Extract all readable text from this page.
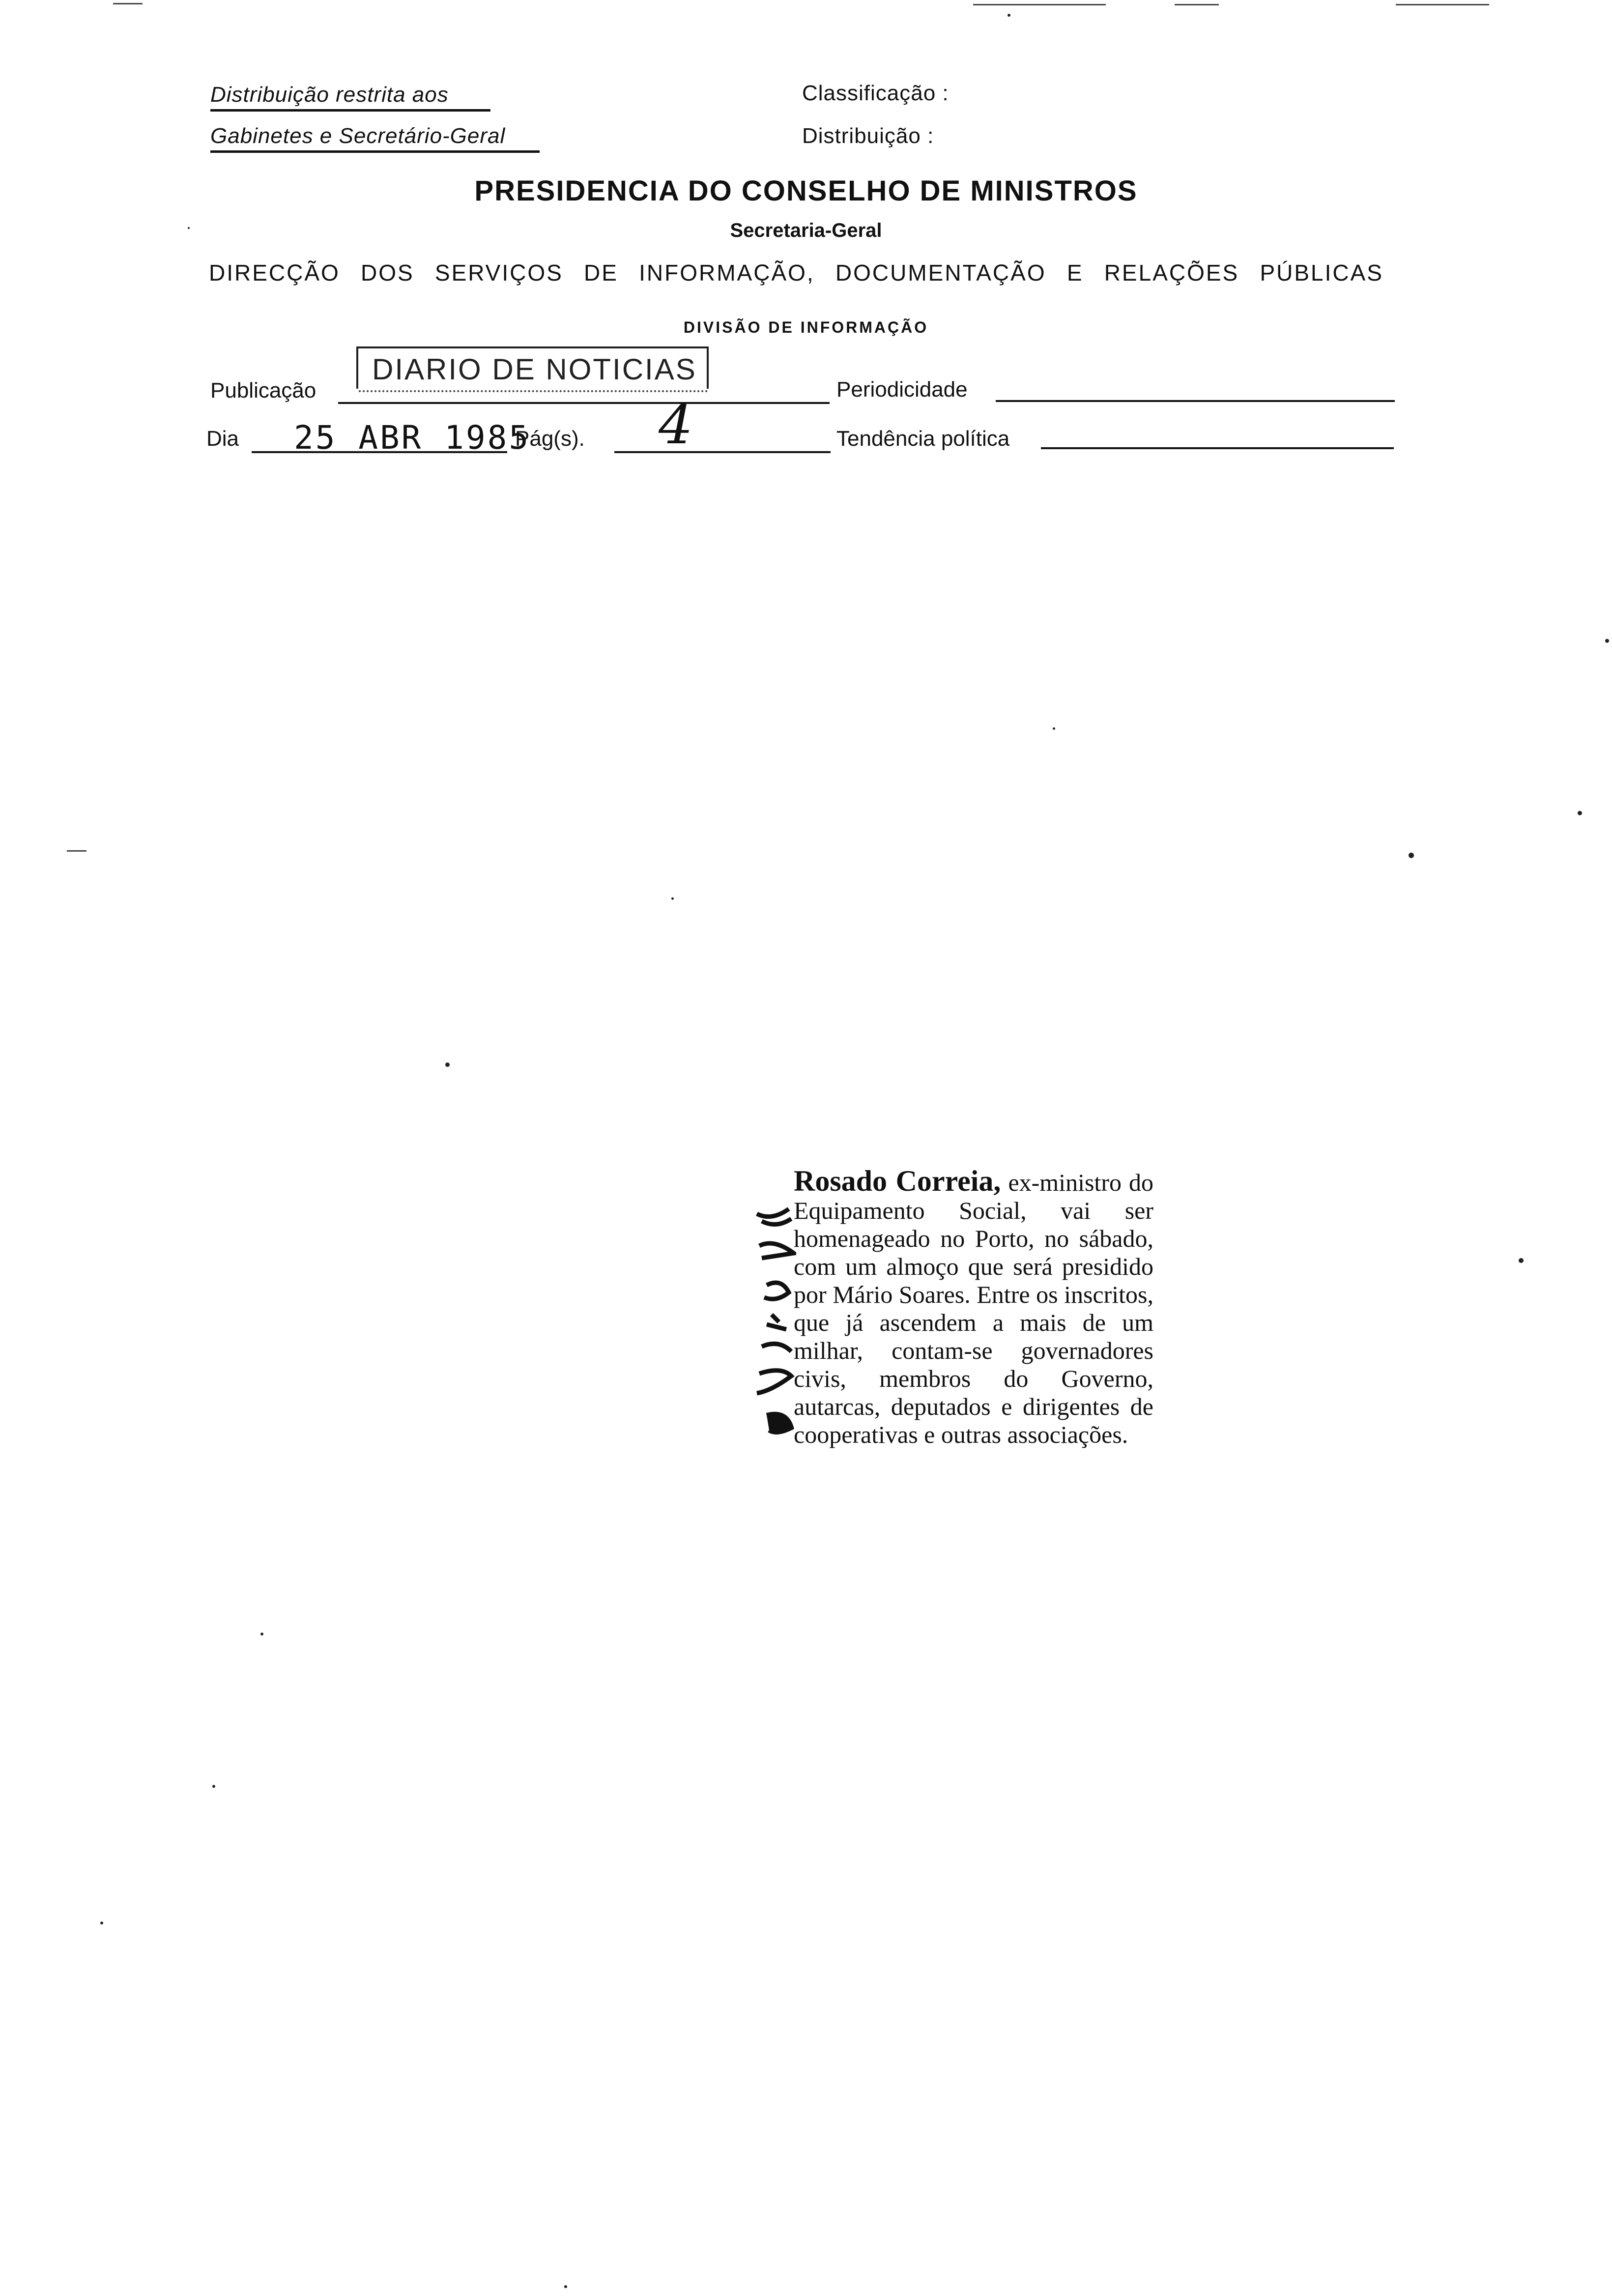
Distribuição restrita aos
Gabinetes e Secretário-Geral
Classificação :
Distribuição :
PRESIDENCIA DO CONSELHO DE MINISTROS
Secretaria-Geral
DIRECÇÃO DOS SERVIÇOS DE INFORMAÇÃO, DOCUMENTAÇÃO E RELAÇÕES PÚBLICAS
DIVISÃO DE INFORMAÇÃO
Publicação
DIARIO DE NOTICIAS
Periodicidade
Dia 25 ABR 1985
Pág(s). 4	Tendência política
Rosado Correia, ex-ministro do Equipamento Social, vai ser homenageado no Porto, no sábado, com um almoço que será presidido por Mário Soares. Entre os inscritos, que já ascendem a mais de um milhar, contam-se governadores civis, membros do Governo, autarcas, deputados e dirigentes de cooperativas e outras associações.
